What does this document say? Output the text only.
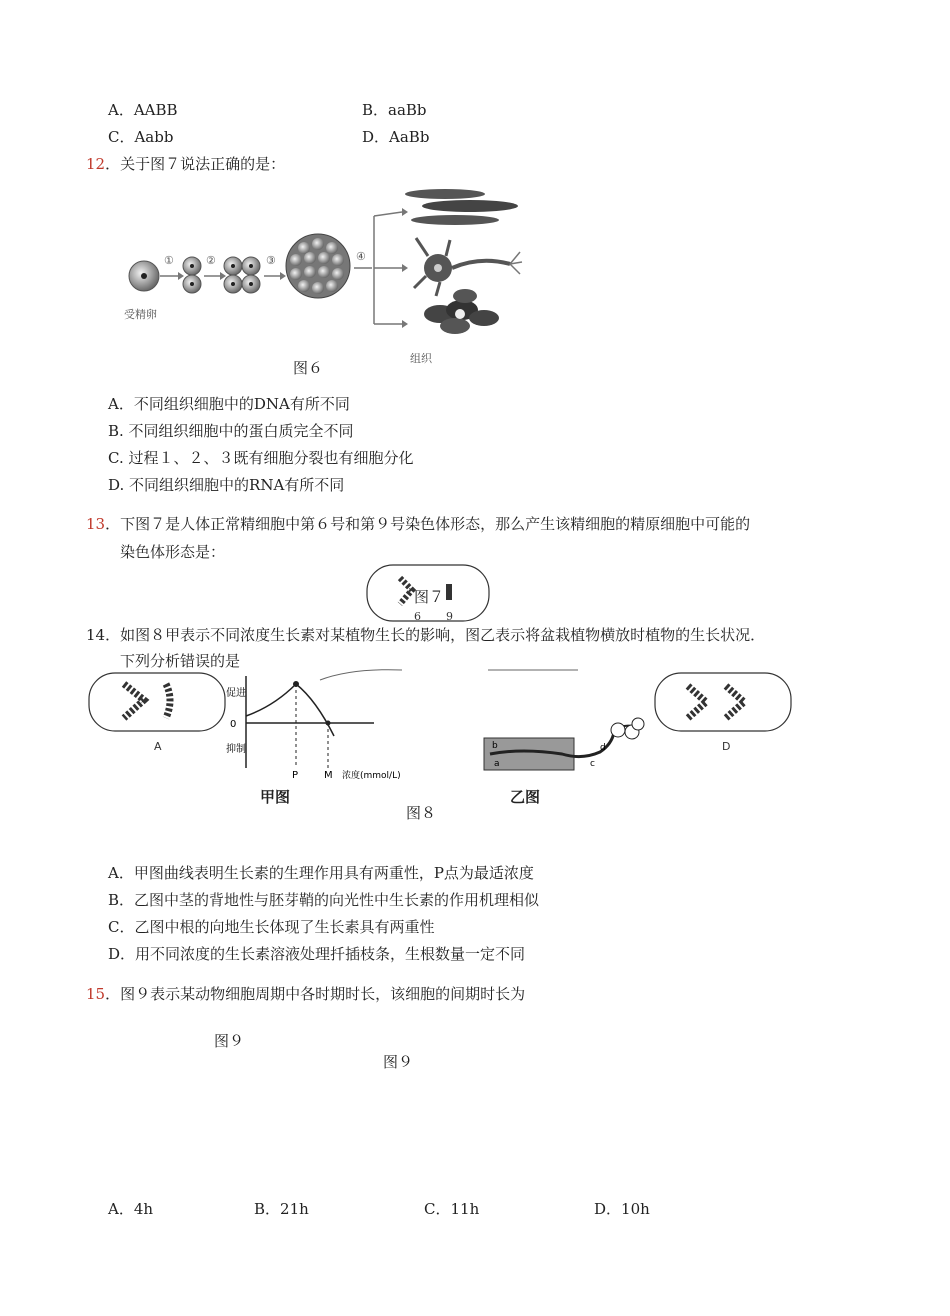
A．AABB	B．aaBb
C．Aabb	D．AaBb
12．关于图７说法正确的是：
①	②	③	④
受精卵
组织
图６
A．不同组织细胞中的DNA有所不同
B. 不同组织细胞中的蛋白质完全不同
C. 过程１、２、３既有细胞分裂也有细胞分化
D. 不同组织细胞中的RNA有所不同
13．下图７是人体正常精细胞中第６号和第９号染色体形态，那么产生该精细胞的精原细胞中可能的
染色体形态是：
图７
6 9
14．如图８甲表示不同浓度生长素对某植物生长的影响，图乙表示将盆栽植物横放时植物的生长状况．
下列分析错误的是
A
促进
0
抑制
P	M 浓度(mmol/L)
甲图
b
a
d
c
乙图
D
图８
A．甲图曲线表明生长素的生理作用具有两重性，P点为最适浓度
B．乙图中茎的背地性与胚芽鞘的向光性中生长素的作用机理相似
C．乙图中根的向地生长体现了生长素具有两重性
D．用不同浓度的生长素溶液处理扦插枝条，生根数量一定不同
15．图９表示某动物细胞周期中各时期时长，该细胞的间期时长为
图９
图９
A．4h	B．21h	C．11h	D．10h
